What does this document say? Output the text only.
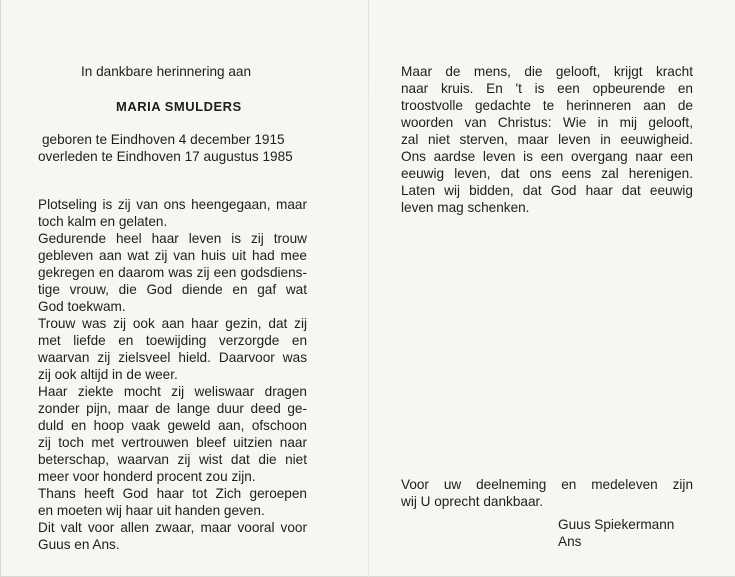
In dankbare herinnering aan
MARIA SMULDERS
geboren te Eindhoven 4 december 1915
overleden te Eindhoven 17 augustus 1985
Plotseling is zij van ons heengegaan, maar
toch kalm en gelaten.
Gedurende heel haar leven is zij trouw
gebleven aan wat zij van huis uit had mee
gekregen en daarom was zij een godsdiens-
tige vrouw, die God diende en gaf wat
God toekwam.
Trouw was zij ook aan haar gezin, dat zij
met liefde en toewijding verzorgde en
waarvan zij zielsveel hield. Daarvoor was
zij ook altijd in de weer.
Haar ziekte mocht zij weliswaar dragen
zonder pijn, maar de lange duur deed ge-
duld en hoop vaak geweld aan, ofschoon
zij toch met vertrouwen bleef uitzien naar
beterschap, waarvan zij wist dat die niet
meer voor honderd procent zou zijn.
Thans heeft God haar tot Zich geroepen
en moeten wij haar uit handen geven.
Dit valt voor allen zwaar, maar vooral voor
Guus en Ans.
Maar de mens, die gelooft, krijgt kracht
naar kruis. En 't is een opbeurende en
troostvolle gedachte te herinneren aan de
woorden van Christus: Wie in mij gelooft,
zal niet sterven, maar leven in eeuwigheid.
Ons aardse leven is een overgang naar een
eeuwig leven, dat ons eens zal herenigen.
Laten wij bidden, dat God haar dat eeuwig
leven mag schenken.
Voor uw deelneming en medeleven zijn
wij U oprecht dankbaar.
Guus Spiekermann
Ans
